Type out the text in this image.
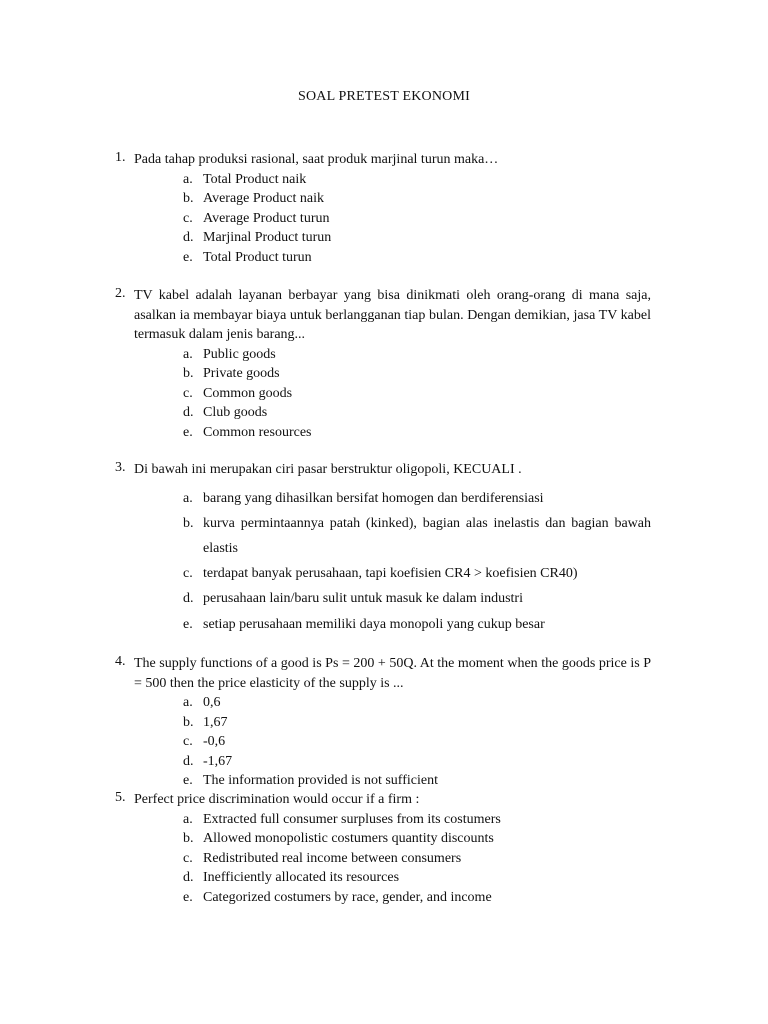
SOAL PRETEST EKONOMI
1. Pada tahap produksi rasional, saat produk marjinal turun maka…
a. Total Product naik
b. Average Product naik
c. Average Product turun
d. Marjinal Product turun
e. Total Product turun
2. TV kabel adalah layanan berbayar yang bisa dinikmati oleh orang-orang di mana saja, asalkan ia membayar biaya untuk berlangganan tiap bulan. Dengan demikian, jasa TV kabel termasuk dalam jenis barang...
a. Public goods
b. Private goods
c. Common goods
d. Club goods
e. Common resources
3. Di bawah ini merupakan ciri pasar berstruktur oligopoli, KECUALI .
a. barang yang dihasilkan bersifat homogen dan berdiferensiasi
b. kurva permintaannya patah (kinked), bagian alas inelastis dan bagian bawah elastis
c. terdapat banyak perusahaan, tapi koefisien CR4 > koefisien CR40)
d. perusahaan lain/baru sulit untuk masuk ke dalam industri
e. setiap perusahaan memiliki daya monopoli yang cukup besar
4. The supply functions of a good is Ps = 200 + 50Q. At the moment when the goods price is P = 500 then the price elasticity of the supply is ...
a. 0,6
b. 1,67
c. -0,6
d. -1,67
e. The information provided is not sufficient
5. Perfect price discrimination would occur if a firm :
a. Extracted full consumer surpluses from its costumers
b. Allowed monopolistic costumers quantity discounts
c. Redistributed real income between consumers
d. Inefficiently allocated its resources
e. Categorized costumers by race, gender, and income
